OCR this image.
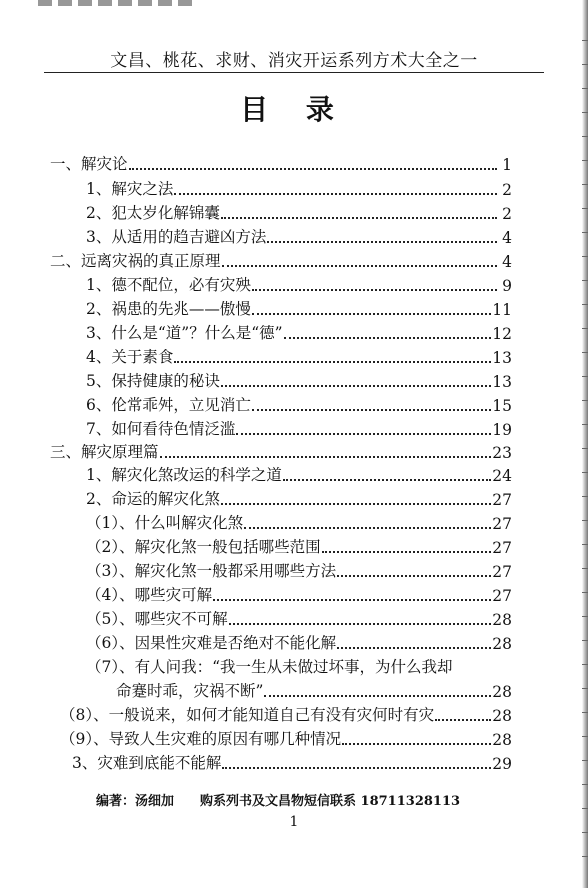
文昌、桃花、求财、消灾开运系列方术大全之一
目 录
一、解灾论	1
1、解灾之法	2
2、犯太岁化解锦囊	2
3、从适用的趋吉避凶方法	4
二、远离灾祸的真正原理	4
1、德不配位，必有灾殃	9
2、祸患的先兆——傲慢	11
3、什么是“道”？什么是“德”	12
4、关于素食	13
5、保持健康的秘诀	13
6、伦常乖舛，立见消亡	15
7、如何看待色情泛滥	19
三、解灾原理篇	23
1、解灾化煞改运的科学之道	24
2、命运的解灾化煞	27
（1）、什么叫解灾化煞	27
（2）、解灾化煞一般包括哪些范围	27
（3）、解灾化煞一般都采用哪些方法	27
（4）、哪些灾可解	27
（5）、哪些灾不可解	28
（6）、因果性灾难是否绝对不能化解	28
（7）、有人问我：“我一生从未做过坏事，为什么我却
命蹇时乖，灾祸不断”	28
（8）、一般说来，如何才能知道自己有没有灾何时有灾	28
（9）、导致人生灾难的原因有哪几种情况	28
3、灾难到底能不能解	29
编著：汤细加 购系列书及文昌物短信联系 18711328113
1
